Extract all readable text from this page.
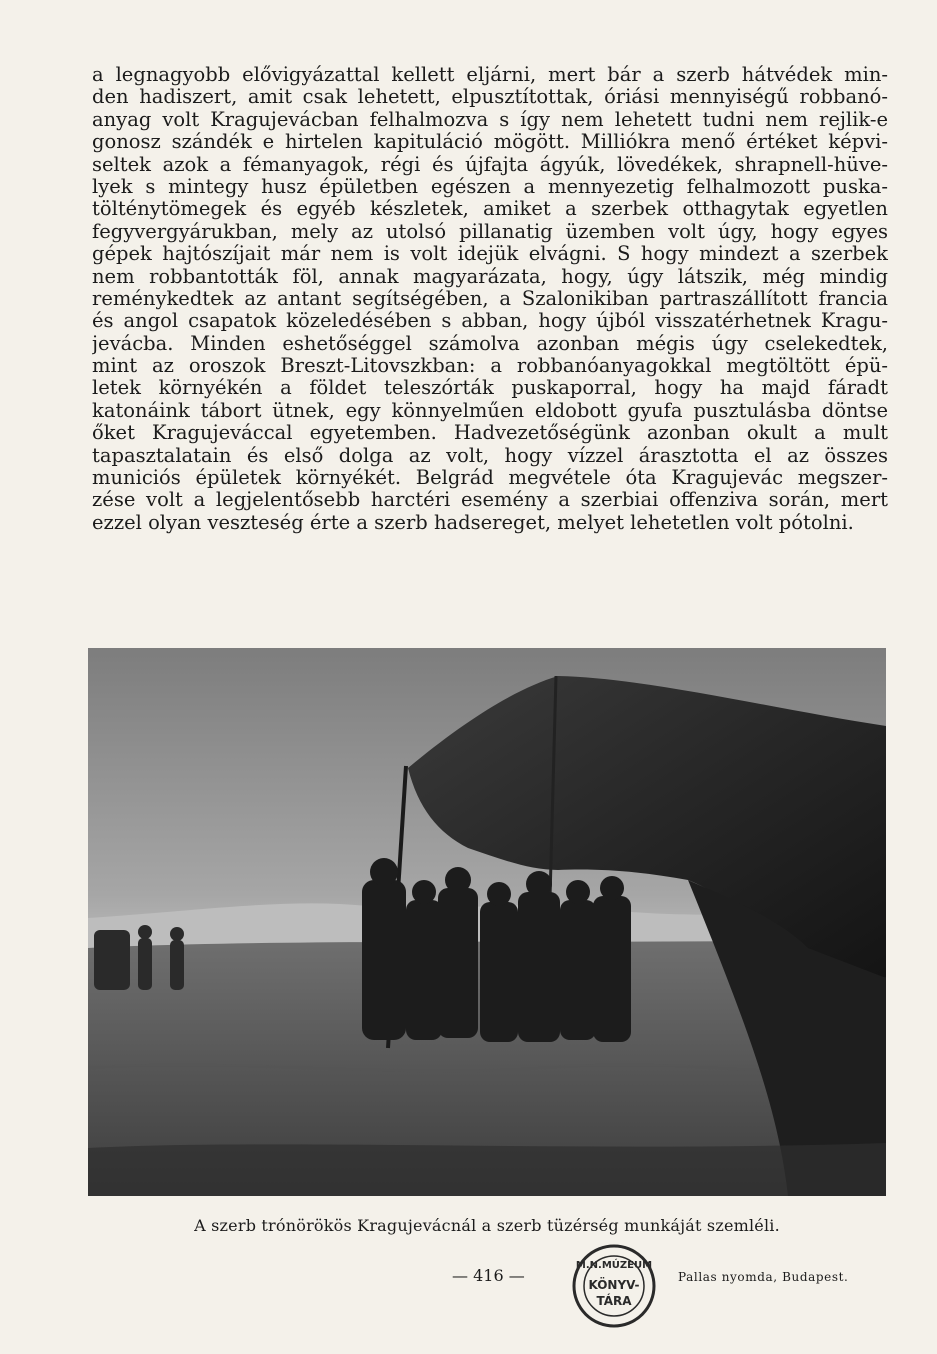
a legnagyobb elővigyázattal kellett eljárni, mert bár a szerb hátvédek min-
den hadiszert, amit csak lehetett, elpusztítottak, óriási mennyiségű robbanó-
anyag volt Kragujevácban felhalmozva s így nem lehetett tudni nem rejlik-e
gonosz szándék e hirtelen kapituláció mögött. Milliókra menő értéket képvi-
seltek azok a fémanyagok, régi és újfajta ágyúk, lövedékek, shrapnell-hüve-
lyek s mintegy husz épületben egészen a mennyezetig felhalmozott puska-
tölténytömegek és egyéb készletek, amiket a szerbek otthagytak egyetlen
fegyvergyárukban, mely az utolsó pillanatig üzemben volt úgy, hogy egyes
gépek hajtószíjait már nem is volt idejük elvágni. S hogy mindezt a szerbek
nem robbantották föl, annak magyarázata, hogy, úgy látszik, még mindig
reménykedtek az antant segítségében, a Szalonikiban partraszállított francia
és angol csapatok közeledésében s abban, hogy újból visszatérhetnek Kragu-
jevácba. Minden eshetőséggel számolva azonban mégis úgy cselekedtek,
mint az oroszok Breszt-Litovszkban: a robbanóanyagokkal megtöltött épü-
letek környékén a földet teleszórták puskaporral, hogy ha majd fáradt
katonáink tábort ütnek, egy könnyelműen eldobott gyufa pusztulásba döntse
őket Kragujeváccal egyetemben. Hadvezetőségünk azonban okult a mult
tapasztalatain és első dolga az volt, hogy vízzel árasztotta el az összes
municiós épületek környékét. Belgrád megvétele óta Kragujevác megszer-
zése volt a legjelentősebb harctéri esemény a szerbiai offenziva során, mert
ezzel olyan veszteség érte a szerb hadsereget, melyet lehetetlen volt pótolni.
A szerb trónörökös Kragujevácnál a szerb tüzérség munkáját szemléli.
— 416 —
M.N.MÚZEUM
KÖNYV-
TÁRA
Pallas nyomda, Budapest.
